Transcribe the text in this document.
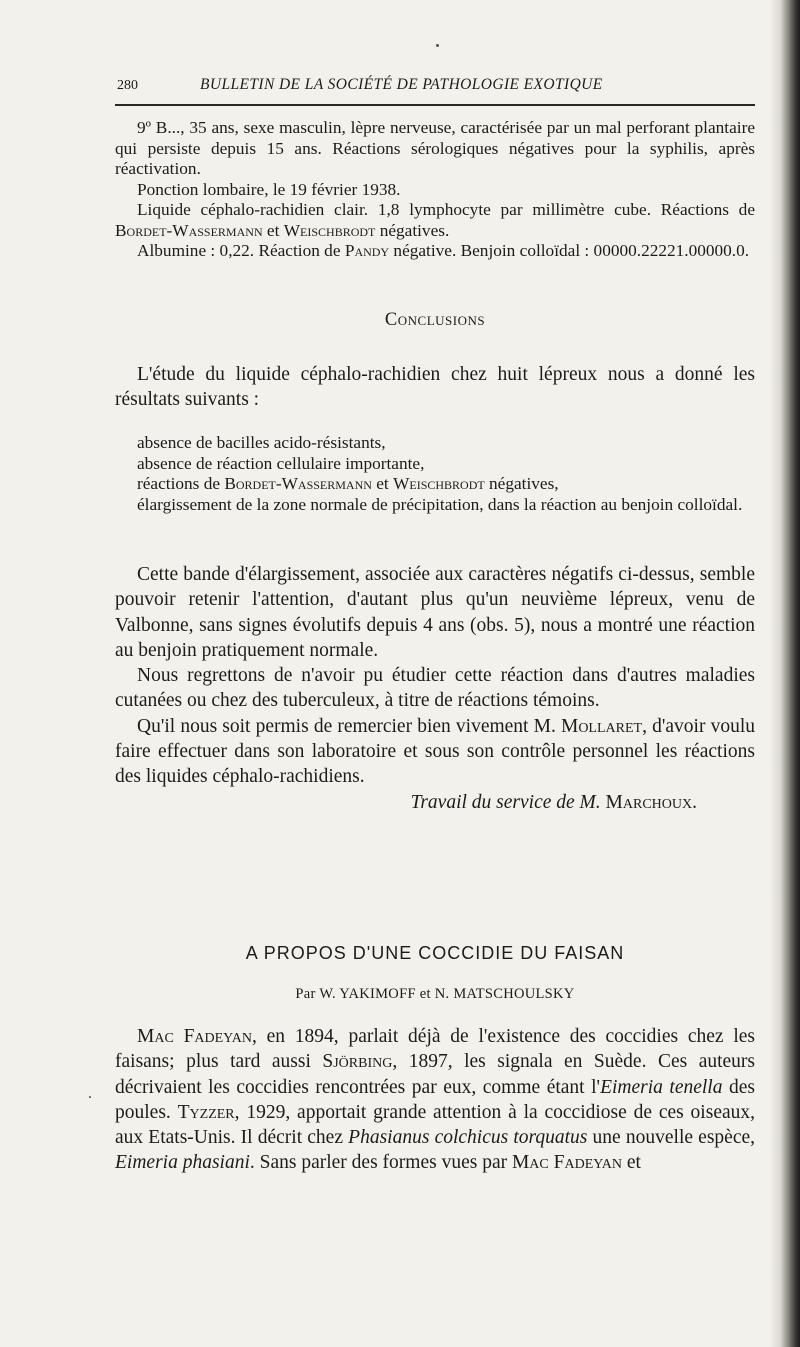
280	BULLETIN DE LA SOCIÉTÉ DE PATHOLOGIE EXOTIQUE

9º B..., 35 ans, sexe masculin, lèpre nerveuse, caractérisée par un mal perforant plantaire qui persiste depuis 15 ans. Réactions sérologiques négatives pour la syphilis, après réactivation.

Ponction lombaire, le 19 février 1938.

Liquide céphalo-rachidien clair. 1,8 lymphocyte par millimètre cube. Réactions de Bordet-Wassermann et Weischbrodt négatives.

Albumine : 0,22. Réaction de Pandy négative. Benjoin colloïdal : 00000.22221.00000.0.

Conclusions

L'étude du liquide céphalo-rachidien chez huit lépreux nous a donné les résultats suivants :

absence de bacilles acido-résistants,

absence de réaction cellulaire importante,

réactions de Bordet-Wassermann et Weischbrodt négatives,

élargissement de la zone normale de précipitation, dans la réaction au benjoin colloïdal.

Cette bande d'élargissement, associée aux caractères négatifs ci-dessus, semble pouvoir retenir l'attention, d'autant plus qu'un neuvième lépreux, venu de Valbonne, sans signes évolutifs depuis 4 ans (obs. 5), nous a montré une réaction au benjoin pratiquement normale.

Nous regrettons de n'avoir pu étudier cette réaction dans d'autres maladies cutanées ou chez des tuberculeux, à titre de réactions témoins.

Qu'il nous soit permis de remercier bien vivement M. Mollaret, d'avoir voulu faire effectuer dans son laboratoire et sous son contrôle personnel les réactions des liquides céphalo-rachidiens.

Travail du service de M. Marchoux.

A PROPOS D'UNE COCCIDIE DU FAISAN
Par W. YAKIMOFF et N. MATSCHOULSKY

Mac Fadeyan, en 1894, parlait déjà de l'existence des coccidies chez les faisans; plus tard aussi Sjörbing, 1897, les signala en Suède. Ces auteurs décrivaient les coccidies rencontrées par eux, comme étant l'Eimeria tenella des poules. Tyzzer, 1929, apportait grande attention à la coccidiose de ces oiseaux, aux Etats-Unis. Il décrit chez Phasianus colchicus torquatus une nouvelle espèce, Eimeria phasiani. Sans parler des formes vues par Mac Fadeyan et

.
